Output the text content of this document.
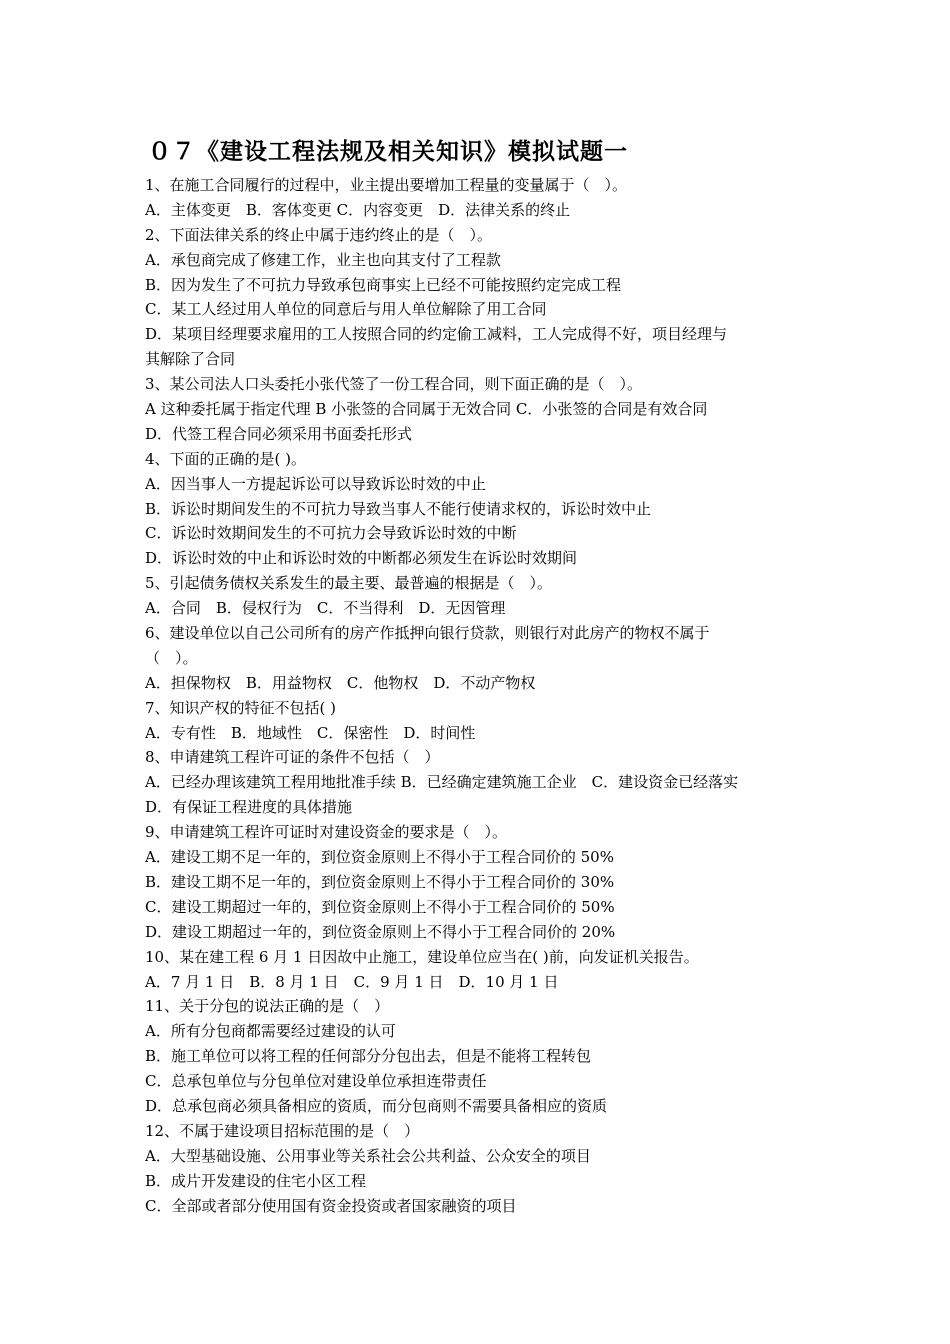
０７《建设工程法规及相关知识》模拟试题一
1、在施工合同履行的过程中，业主提出要增加工程量的变量属于（　）。
A．主体变更　B．客体变更 C．内容变更　D．法律关系的终止
2、下面法律关系的终止中属于违约终止的是（　）。
A．承包商完成了修建工作，业主也向其支付了工程款
B．因为发生了不可抗力导致承包商事实上已经不可能按照约定完成工程
C．某工人经过用人单位的同意后与用人单位解除了用工合同
D．某项目经理要求雇用的工人按照合同的约定偷工减料，工人完成得不好，项目经理与
其解除了合同
3、某公司法人口头委托小张代签了一份工程合同，则下面正确的是（　）。
A 这种委托属于指定代理 B 小张签的合同属于无效合同 C．小张签的合同是有效合同
D．代签工程合同必须采用书面委托形式
4、下面的正确的是( )。
A．因当事人一方提起诉讼可以导致诉讼时效的中止
B．诉讼时期间发生的不可抗力导致当事人不能行使请求权的，诉讼时效中止
C．诉讼时效期间发生的不可抗力会导致诉讼时效的中断
D．诉讼时效的中止和诉讼时效的中断都必须发生在诉讼时效期间
5、引起债务债权关系发生的最主要、最普遍的根据是（　）。
A．合同　B．侵权行为　C．不当得利　D．无因管理
6、建设单位以自己公司所有的房产作抵押向银行贷款，则银行对此房产的物权不属于
（　）。
A．担保物权　B．用益物权　C．他物权　D．不动产物权
7、知识产权的特征不包括( )
A．专有性　B．地域性　C．保密性　D．时间性
8、申请建筑工程许可证的条件不包括（　）
A．已经办理该建筑工程用地批准手续 B．已经确定建筑施工企业　C．建设资金已经落实
D．有保证工程进度的具体措施
9、申请建筑工程许可证时对建设资金的要求是（　）。
A．建设工期不足一年的，到位资金原则上不得小于工程合同价的 50%
B．建设工期不足一年的，到位资金原则上不得小于工程合同价的 30%
C．建设工期超过一年的，到位资金原则上不得小于工程合同价的 50%
D．建设工期超过一年的，到位资金原则上不得小于工程合同价的 20%
10、某在建工程 6 月 1 日因故中止施工，建设单位应当在( )前，向发证机关报告。
A．7 月 1 日　B．8 月 1 日　C．9 月 1 日　D．10 月 1 日
11、关于分包的说法正确的是（　）
A．所有分包商都需要经过建设的认可
B．施工单位可以将工程的任何部分分包出去，但是不能将工程转包
C．总承包单位与分包单位对建设单位承担连带责任
D．总承包商必须具备相应的资质，而分包商则不需要具备相应的资质
12、不属于建设项目招标范围的是（　）
A．大型基础设施、公用事业等关系社会公共利益、公众安全的项目
B．成片开发建设的住宅小区工程
C．全部或者部分使用国有资金投资或者国家融资的项目
